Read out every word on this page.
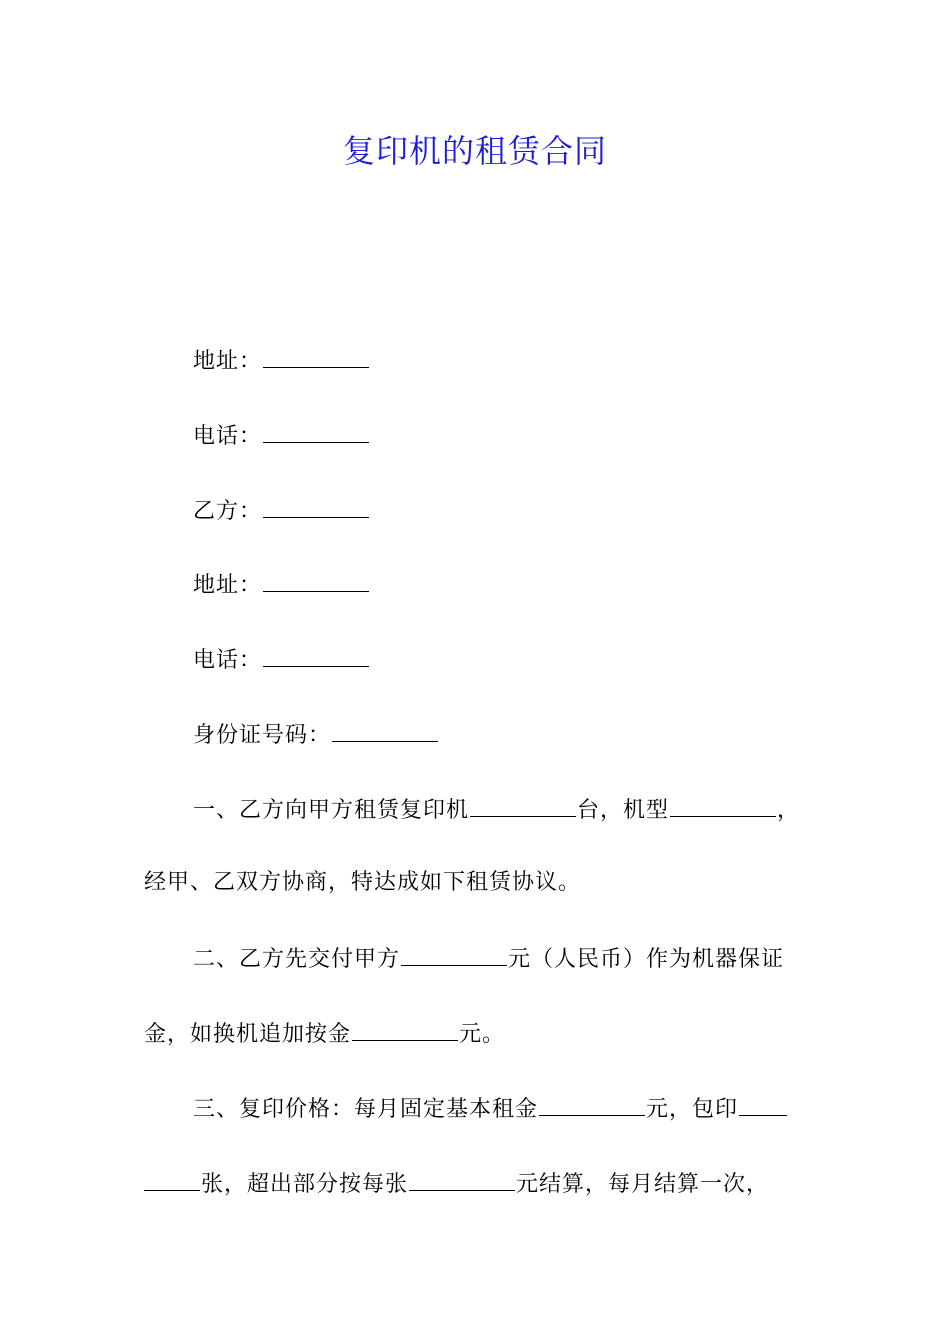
复印机的租赁合同
地址：
电话：
乙方：
地址：
电话：
身份证号码：
一、乙方向甲方租赁复印机	台，机型	，
经甲、乙双方协商，特达成如下租赁协议。
二、乙方先交付甲方	元（人民币）作为机器保证
金，如换机追加按金	元。
三、复印价格：每月固定基本租金	元，包印
张，超出部分按每张	元结算，每月结算一次，
